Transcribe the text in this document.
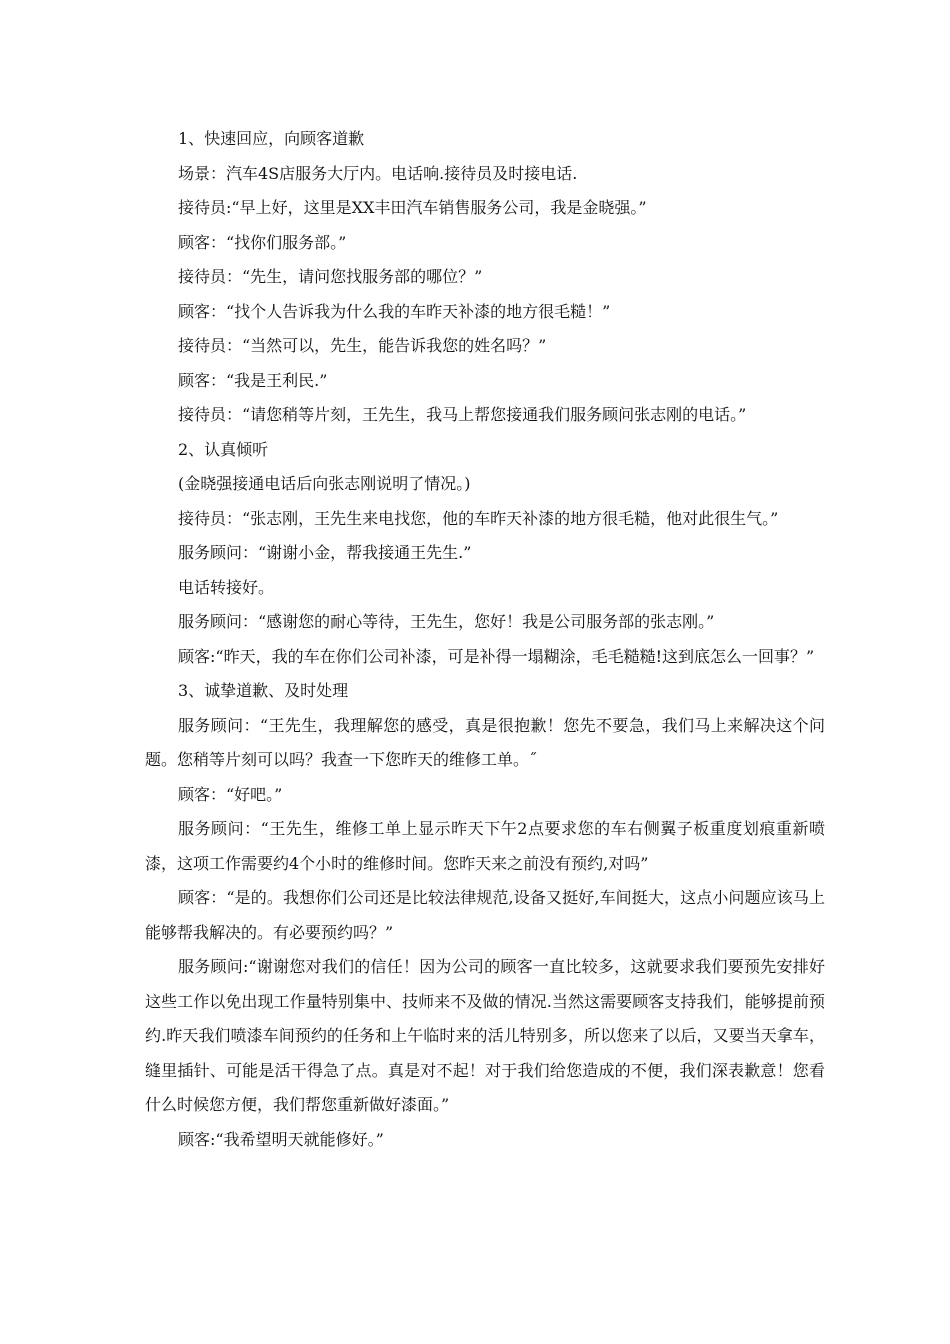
1、快速回应，向顾客道歉

场景：汽车4S店服务大厅内。电话响.接待员及时接电话.

接待员:“早上好，这里是XX丰田汽车销售服务公司，我是金晓强。”

顾客：“找你们服务部。”

接待员：“先生，请问您找服务部的哪位？”

顾客：“找个人告诉我为什么我的车昨天补漆的地方很毛糙！”

接待员：“当然可以，先生，能告诉我您的姓名吗？”

顾客：“我是王利民.”

接待员：“请您稍等片刻，王先生，我马上帮您接通我们服务顾问张志刚的电话。”

2、认真倾听

(金晓强接通电话后向张志刚说明了情况。)

接待员：“张志刚，王先生来电找您，他的车昨天补漆的地方很毛糙，他对此很生气。”

服务顾问：“谢谢小金，帮我接通王先生.”

电话转接好。

服务顾问：“感谢您的耐心等待，王先生，您好！我是公司服务部的张志刚。”

顾客:“昨天，我的车在你们公司补漆，可是补得一塌糊涂，毛毛糙糙!这到底怎么一回事？”

3、诚挚道歉、及时处理

服务顾问：“王先生，我理解您的感受，真是很抱歉！您先不要急，我们马上来解决这个问题。您稍等片刻可以吗？我查一下您昨天的维修工单。˝

顾客：“好吧。”

服务顾问：“王先生，维修工单上显示昨天下午2点要求您的车右侧翼子板重度划痕重新喷漆，这项工作需要约4个小时的维修时间。您昨天来之前没有预约,对吗”

顾客：“是的。我想你们公司还是比较法律规范,设备又挺好,车间挺大，这点小问题应该马上能够帮我解决的。有必要预约吗？”

服务顾问:“谢谢您对我们的信任！因为公司的顾客一直比较多，这就要求我们要预先安排好这些工作以免出现工作量特别集中、技师来不及做的情况.当然这需要顾客支持我们，能够提前预约.昨天我们喷漆车间预约的任务和上午临时来的活儿特别多，所以您来了以后，又要当天拿车，缝里插针、可能是活干得急了点。真是对不起！对于我们给您造成的不便，我们深表歉意！您看什么时候您方便，我们帮您重新做好漆面。”

顾客:“我希望明天就能修好。”
